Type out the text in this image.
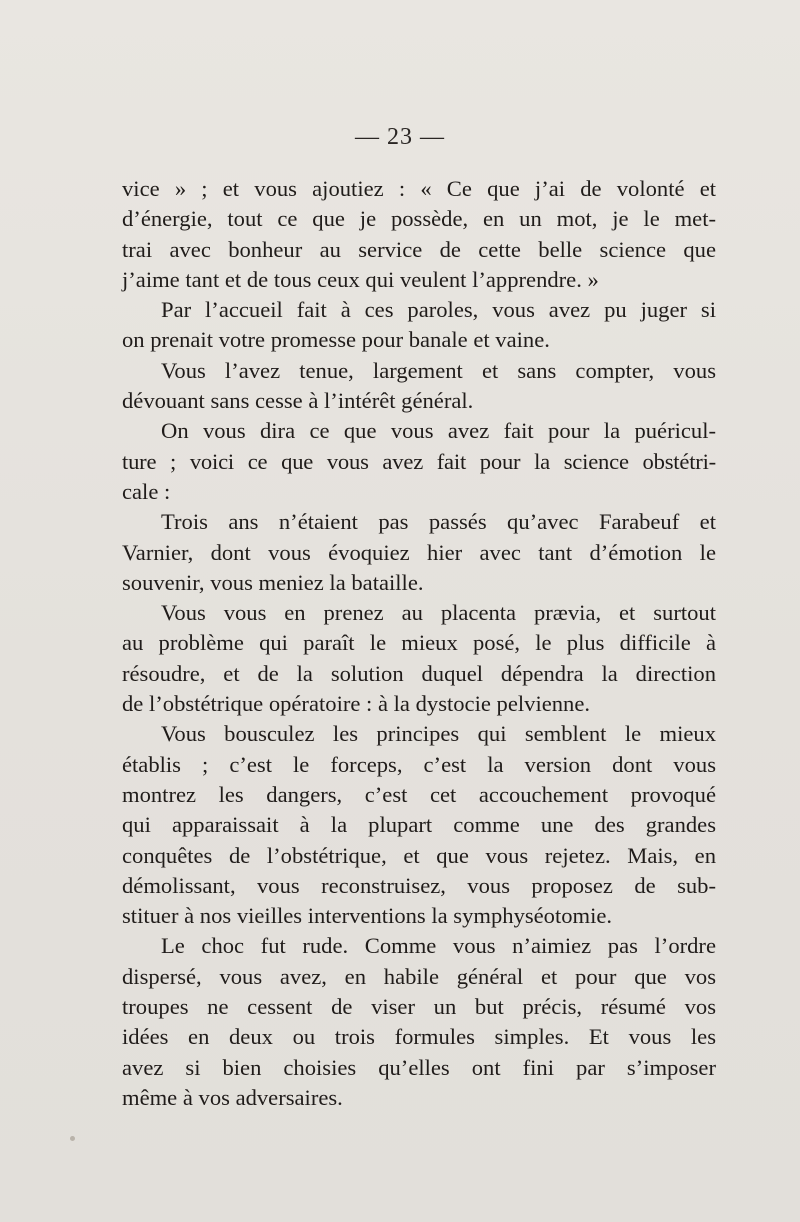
— 23 —

vice » ; et vous ajoutiez : « Ce que j’ai de volonté et

d’énergie, tout ce que je possède, en un mot, je le met-

trai avec bonheur au service de cette belle science que

j’aime tant et de tous ceux qui veulent l’apprendre. »

Par l’accueil fait à ces paroles, vous avez pu juger si

on prenait votre promesse pour banale et vaine.

Vous l’avez tenue, largement et sans compter, vous

dévouant sans cesse à l’intérêt général.

On vous dira ce que vous avez fait pour la puéricul-

ture ; voici ce que vous avez fait pour la science obstétri-

cale :

Trois ans n’étaient pas passés qu’avec Farabeuf et

Varnier, dont vous évoquiez hier avec tant d’émotion le

souvenir, vous meniez la bataille.

Vous vous en prenez au placenta prævia, et surtout

au problème qui paraît le mieux posé, le plus difficile à

résoudre, et de la solution duquel dépendra la direction

de l’obstétrique opératoire : à la dystocie pelvienne.

Vous bousculez les principes qui semblent le mieux

établis ; c’est le forceps, c’est la version dont vous

montrez les dangers, c’est cet accouchement provoqué

qui apparaissait à la plupart comme une des grandes

conquêtes de l’obstétrique, et que vous rejetez. Mais, en

démolissant, vous reconstruisez, vous proposez de sub-

stituer à nos vieilles interventions la symphyséotomie.

Le choc fut rude. Comme vous n’aimiez pas l’ordre

dispersé, vous avez, en habile général et pour que vos

troupes ne cessent de viser un but précis, résumé vos

idées en deux ou trois formules simples. Et vous les

avez si bien choisies qu’elles ont fini par s’imposer

même à vos adversaires.
